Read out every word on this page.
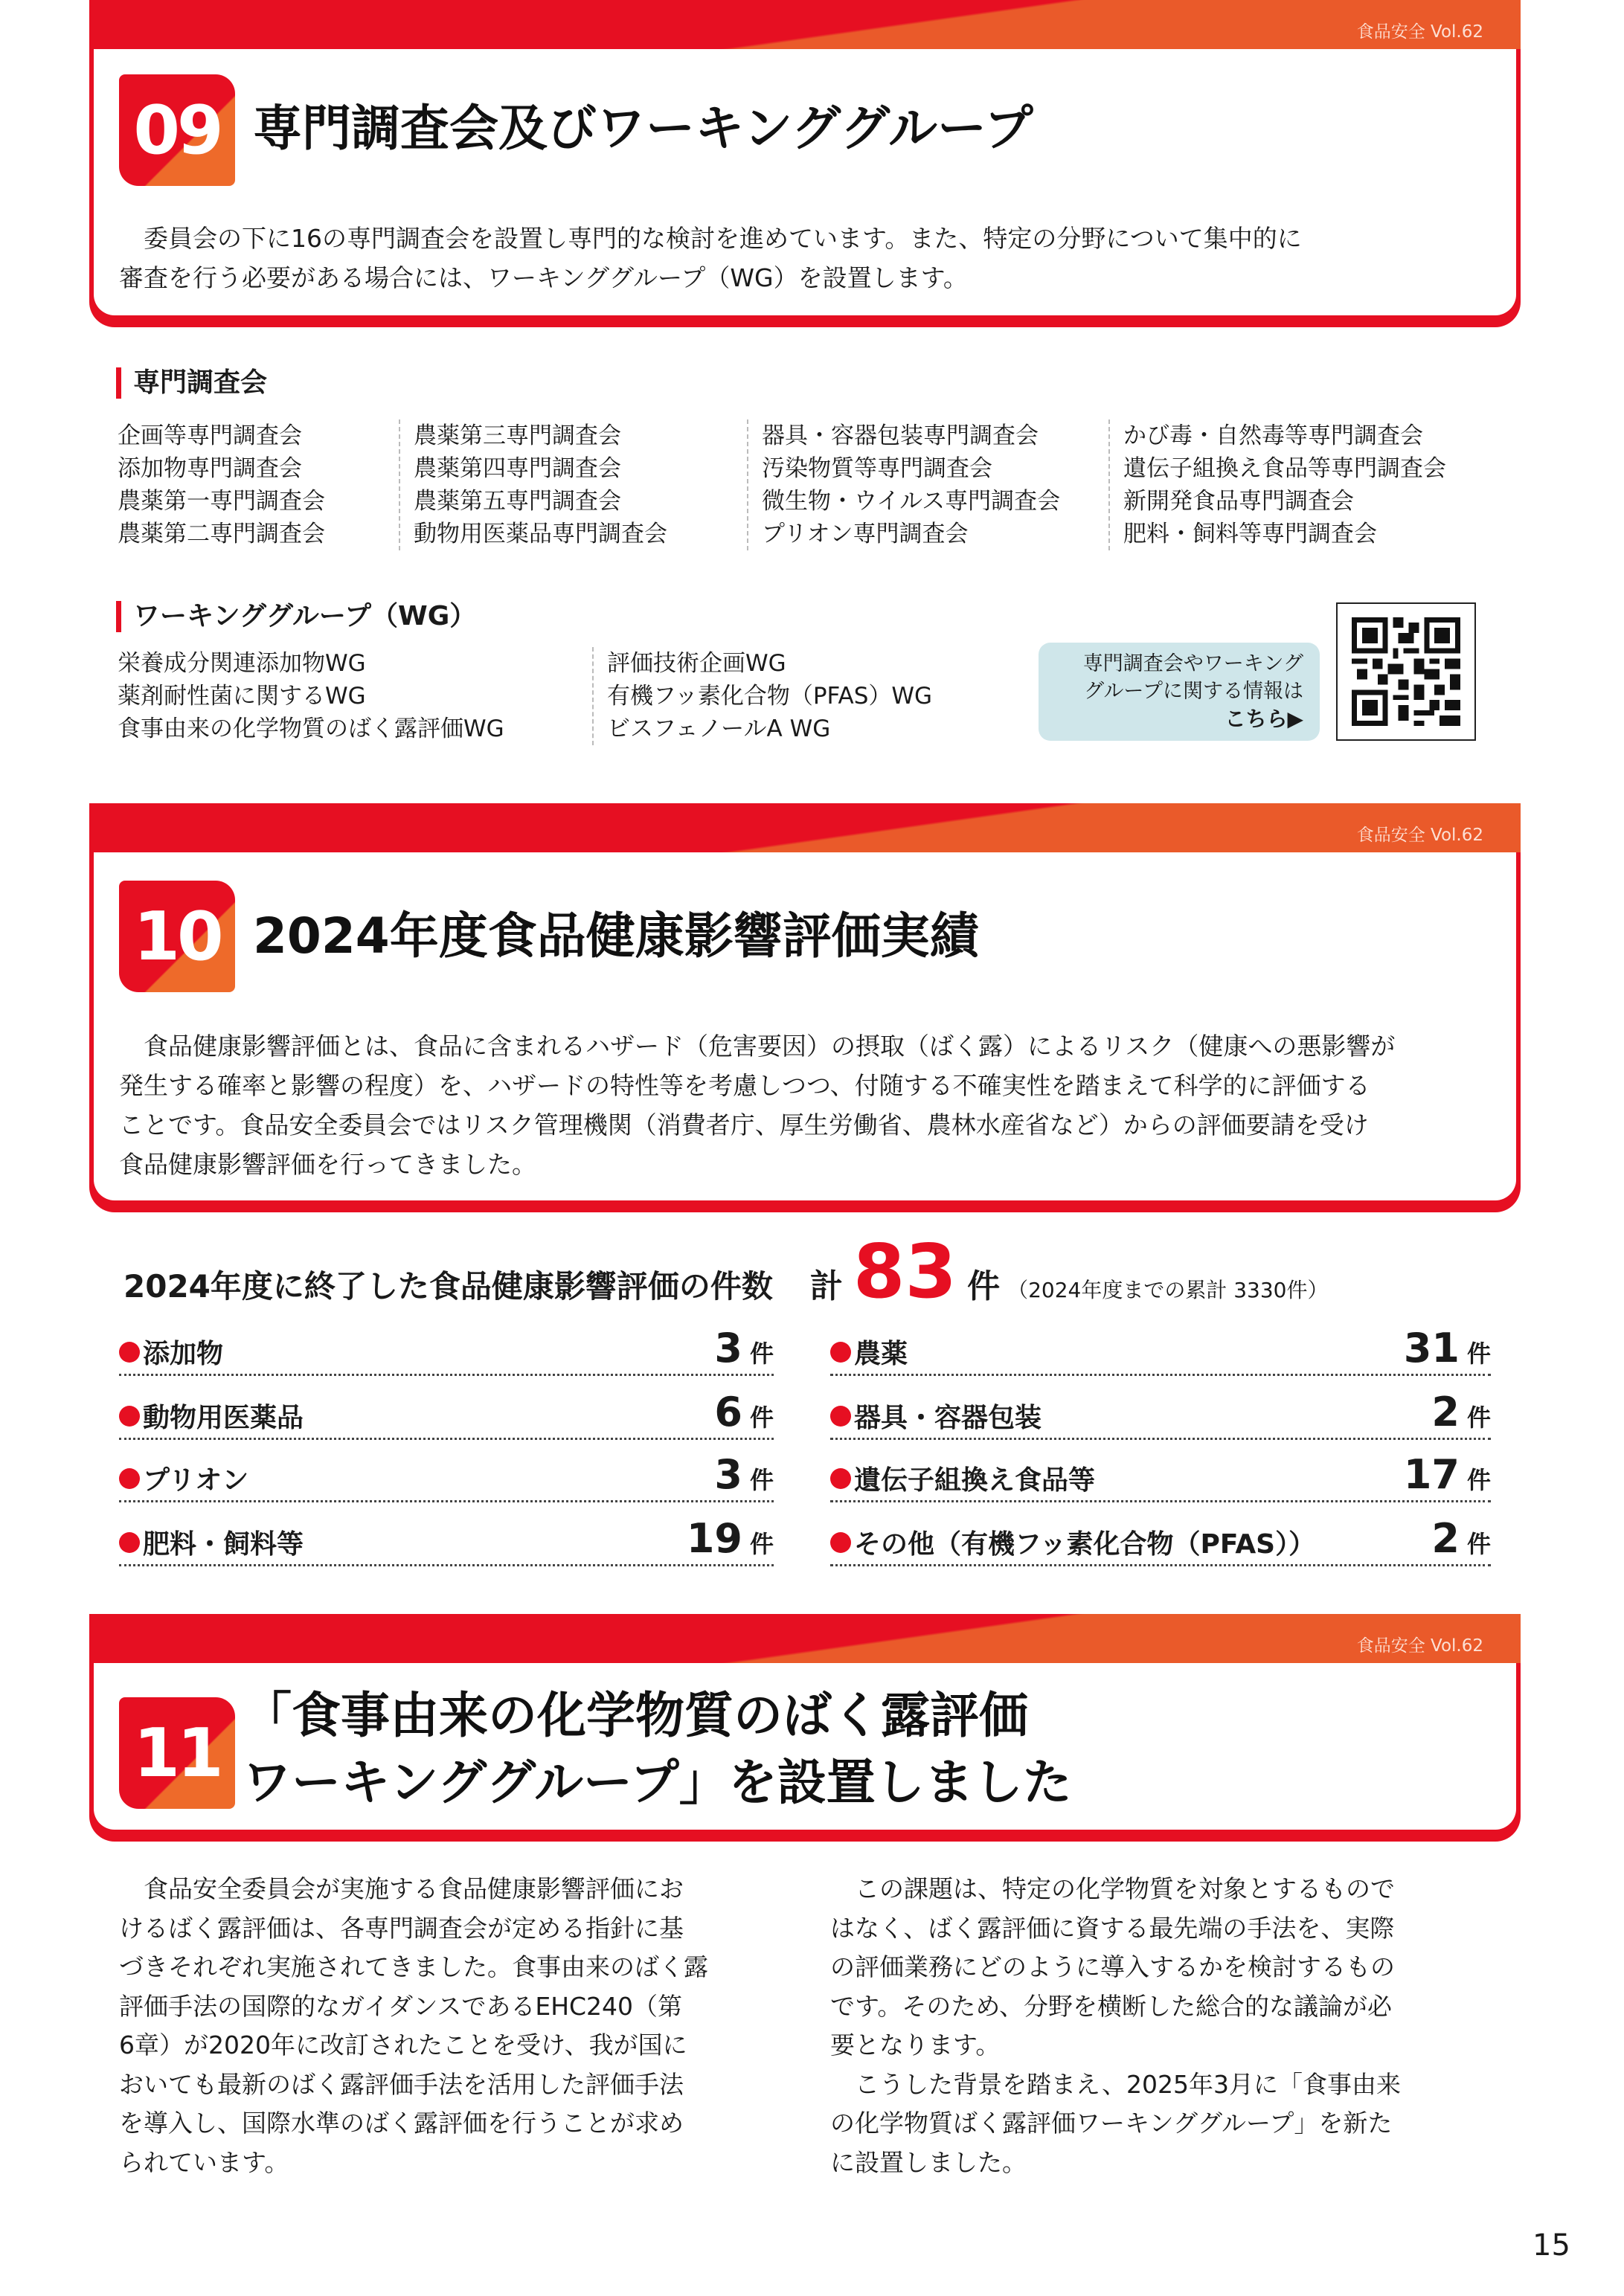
食品安全 Vol.62
09 専門調査会及びワーキンググループ
　委員会の下に16の専門調査会を設置し専門的な検討を進めています。また、特定の分野について集中的に
審査を行う必要がある場合には、ワーキンググループ（WG）を設置します。
専門調査会
企画等専門調査会
添加物専門調査会
農薬第一専門調査会
農薬第二専門調査会
農薬第三専門調査会
農薬第四専門調査会
農薬第五専門調査会
動物用医薬品専門調査会
器具・容器包装専門調査会
汚染物質等専門調査会
微生物・ウイルス専門調査会
プリオン専門調査会
かび毒・自然毒等専門調査会
遺伝子組換え食品等専門調査会
新開発食品専門調査会
肥料・飼料等専門調査会
ワーキンググループ（WG）
栄養成分関連添加物WG
薬剤耐性菌に関するWG
食事由来の化学物質のばく露評価WG
評価技術企画WG
有機フッ素化合物（PFAS）WG
ビスフェノールA WG
専門調査会やワーキング
グループに関する情報は
こちら▶
食品安全 Vol.62
10 2024年度食品健康影響評価実績
　食品健康影響評価とは、食品に含まれるハザード（危害要因）の摂取（ばく露）によるリスク（健康への悪影響が
発生する確率と影響の程度）を、ハザードの特性等を考慮しつつ、付随する不確実性を踏まえて科学的に評価する
ことです。食品安全委員会ではリスク管理機関（消費者庁、厚生労働省、農林水産省など）からの評価要請を受け
食品健康影響評価を行ってきました。
2024年度に終了した食品健康影響評価の件数 計 83 件 （2024年度までの累計 3330件）
添加物	3 件
動物用医薬品	6 件
プリオン	3 件
肥料・飼料等	19 件
農薬	31 件
器具・容器包装	2 件
遺伝子組換え食品等	17 件
その他（有機フッ素化合物（PFAS））	2 件
食品安全 Vol.62
11 「食事由来の化学物質のばく露評価
ワーキンググループ」を設置しました
　食品安全委員会が実施する食品健康影響評価にお
けるばく露評価は、各専門調査会が定める指針に基
づきそれぞれ実施されてきました。食事由来のばく露
評価手法の国際的なガイダンスであるEHC240（第
6章）が2020年に改訂されたことを受け、我が国に
おいても最新のばく露評価手法を活用した評価手法
を導入し、国際水準のばく露評価を行うことが求め
られています。
　この課題は、特定の化学物質を対象とするもので
はなく、ばく露評価に資する最先端の手法を、実際
の評価業務にどのように導入するかを検討するもの
です。そのため、分野を横断した総合的な議論が必
要となります。
　こうした背景を踏まえ、2025年3月に「食事由来
の化学物質ばく露評価ワーキンググループ」を新た
に設置しました。
15
